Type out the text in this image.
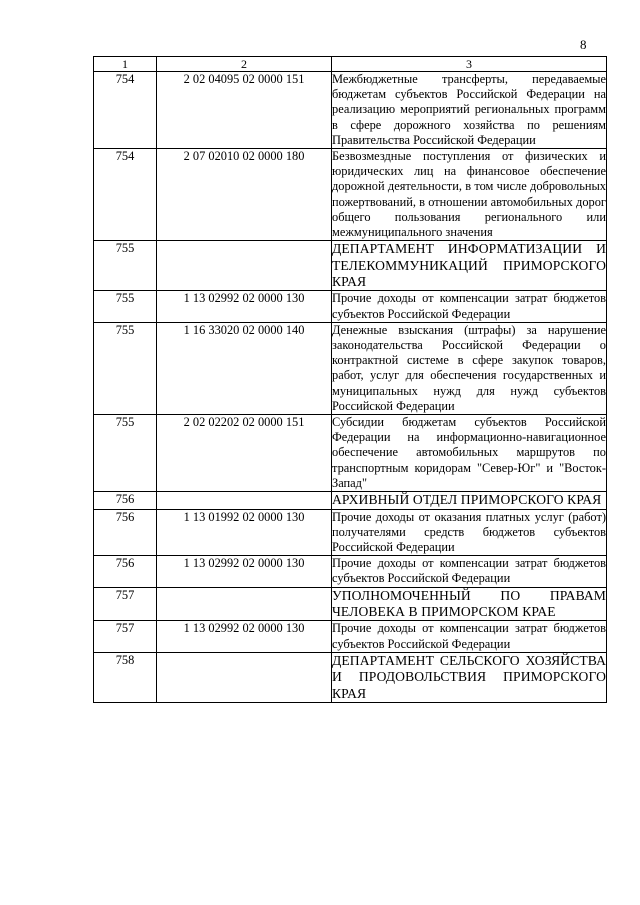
8
1	2	3
754	2 02 04095 02 0000 151	Межбюджетные трансферты, передаваемые бюджетам субъектов Российской Федерации на реализацию мероприятий региональных программ в сфере дорожного хозяйства по решениям Правительства Российской Федерации
754	2 07 02010 02 0000 180	Безвозмездные поступления от физических и юридических лиц на финансовое обеспечение дорожной деятельности, в том числе добровольных пожертвований, в отношении автомобильных дорог общего пользования регионального или межмуниципального значения
755		ДЕПАРТАМЕНТ ИНФОРМАТИЗАЦИИ И ТЕЛЕКОММУНИКАЦИЙ ПРИМОРСКОГО КРАЯ
755	1 13 02992 02 0000 130	Прочие доходы от компенсации затрат бюджетов субъектов Российской Федерации
755	1 16 33020 02 0000 140	Денежные взыскания (штрафы) за нарушение законодательства Российской Федерации о контрактной системе в сфере закупок товаров, работ, услуг для обеспечения государственных и муниципальных нужд для нужд субъектов Российской Федерации
755	2 02 02202 02 0000 151	Субсидии бюджетам субъектов Российской Федерации на информационно-навигационное обеспечение автомобильных маршрутов по транспортным коридорам "Север-Юг" и "Восток-Запад"
756		АРХИВНЫЙ ОТДЕЛ ПРИМОРСКОГО КРАЯ
756	1 13 01992 02 0000 130	Прочие доходы от оказания платных услуг (работ) получателями средств бюджетов субъектов Российской Федерации
756	1 13 02992 02 0000 130	Прочие доходы от компенсации затрат бюджетов субъектов Российской Федерации
757		УПОЛНОМОЧЕННЫЙ ПО ПРАВАМ ЧЕЛОВЕКА В ПРИМОРСКОМ КРАЕ
757	1 13 02992 02 0000 130	Прочие доходы от компенсации затрат бюджетов субъектов Российской Федерации
758		ДЕПАРТАМЕНТ СЕЛЬСКОГО ХОЗЯЙСТВА И ПРОДОВОЛЬСТВИЯ ПРИМОРСКОГО КРАЯ
